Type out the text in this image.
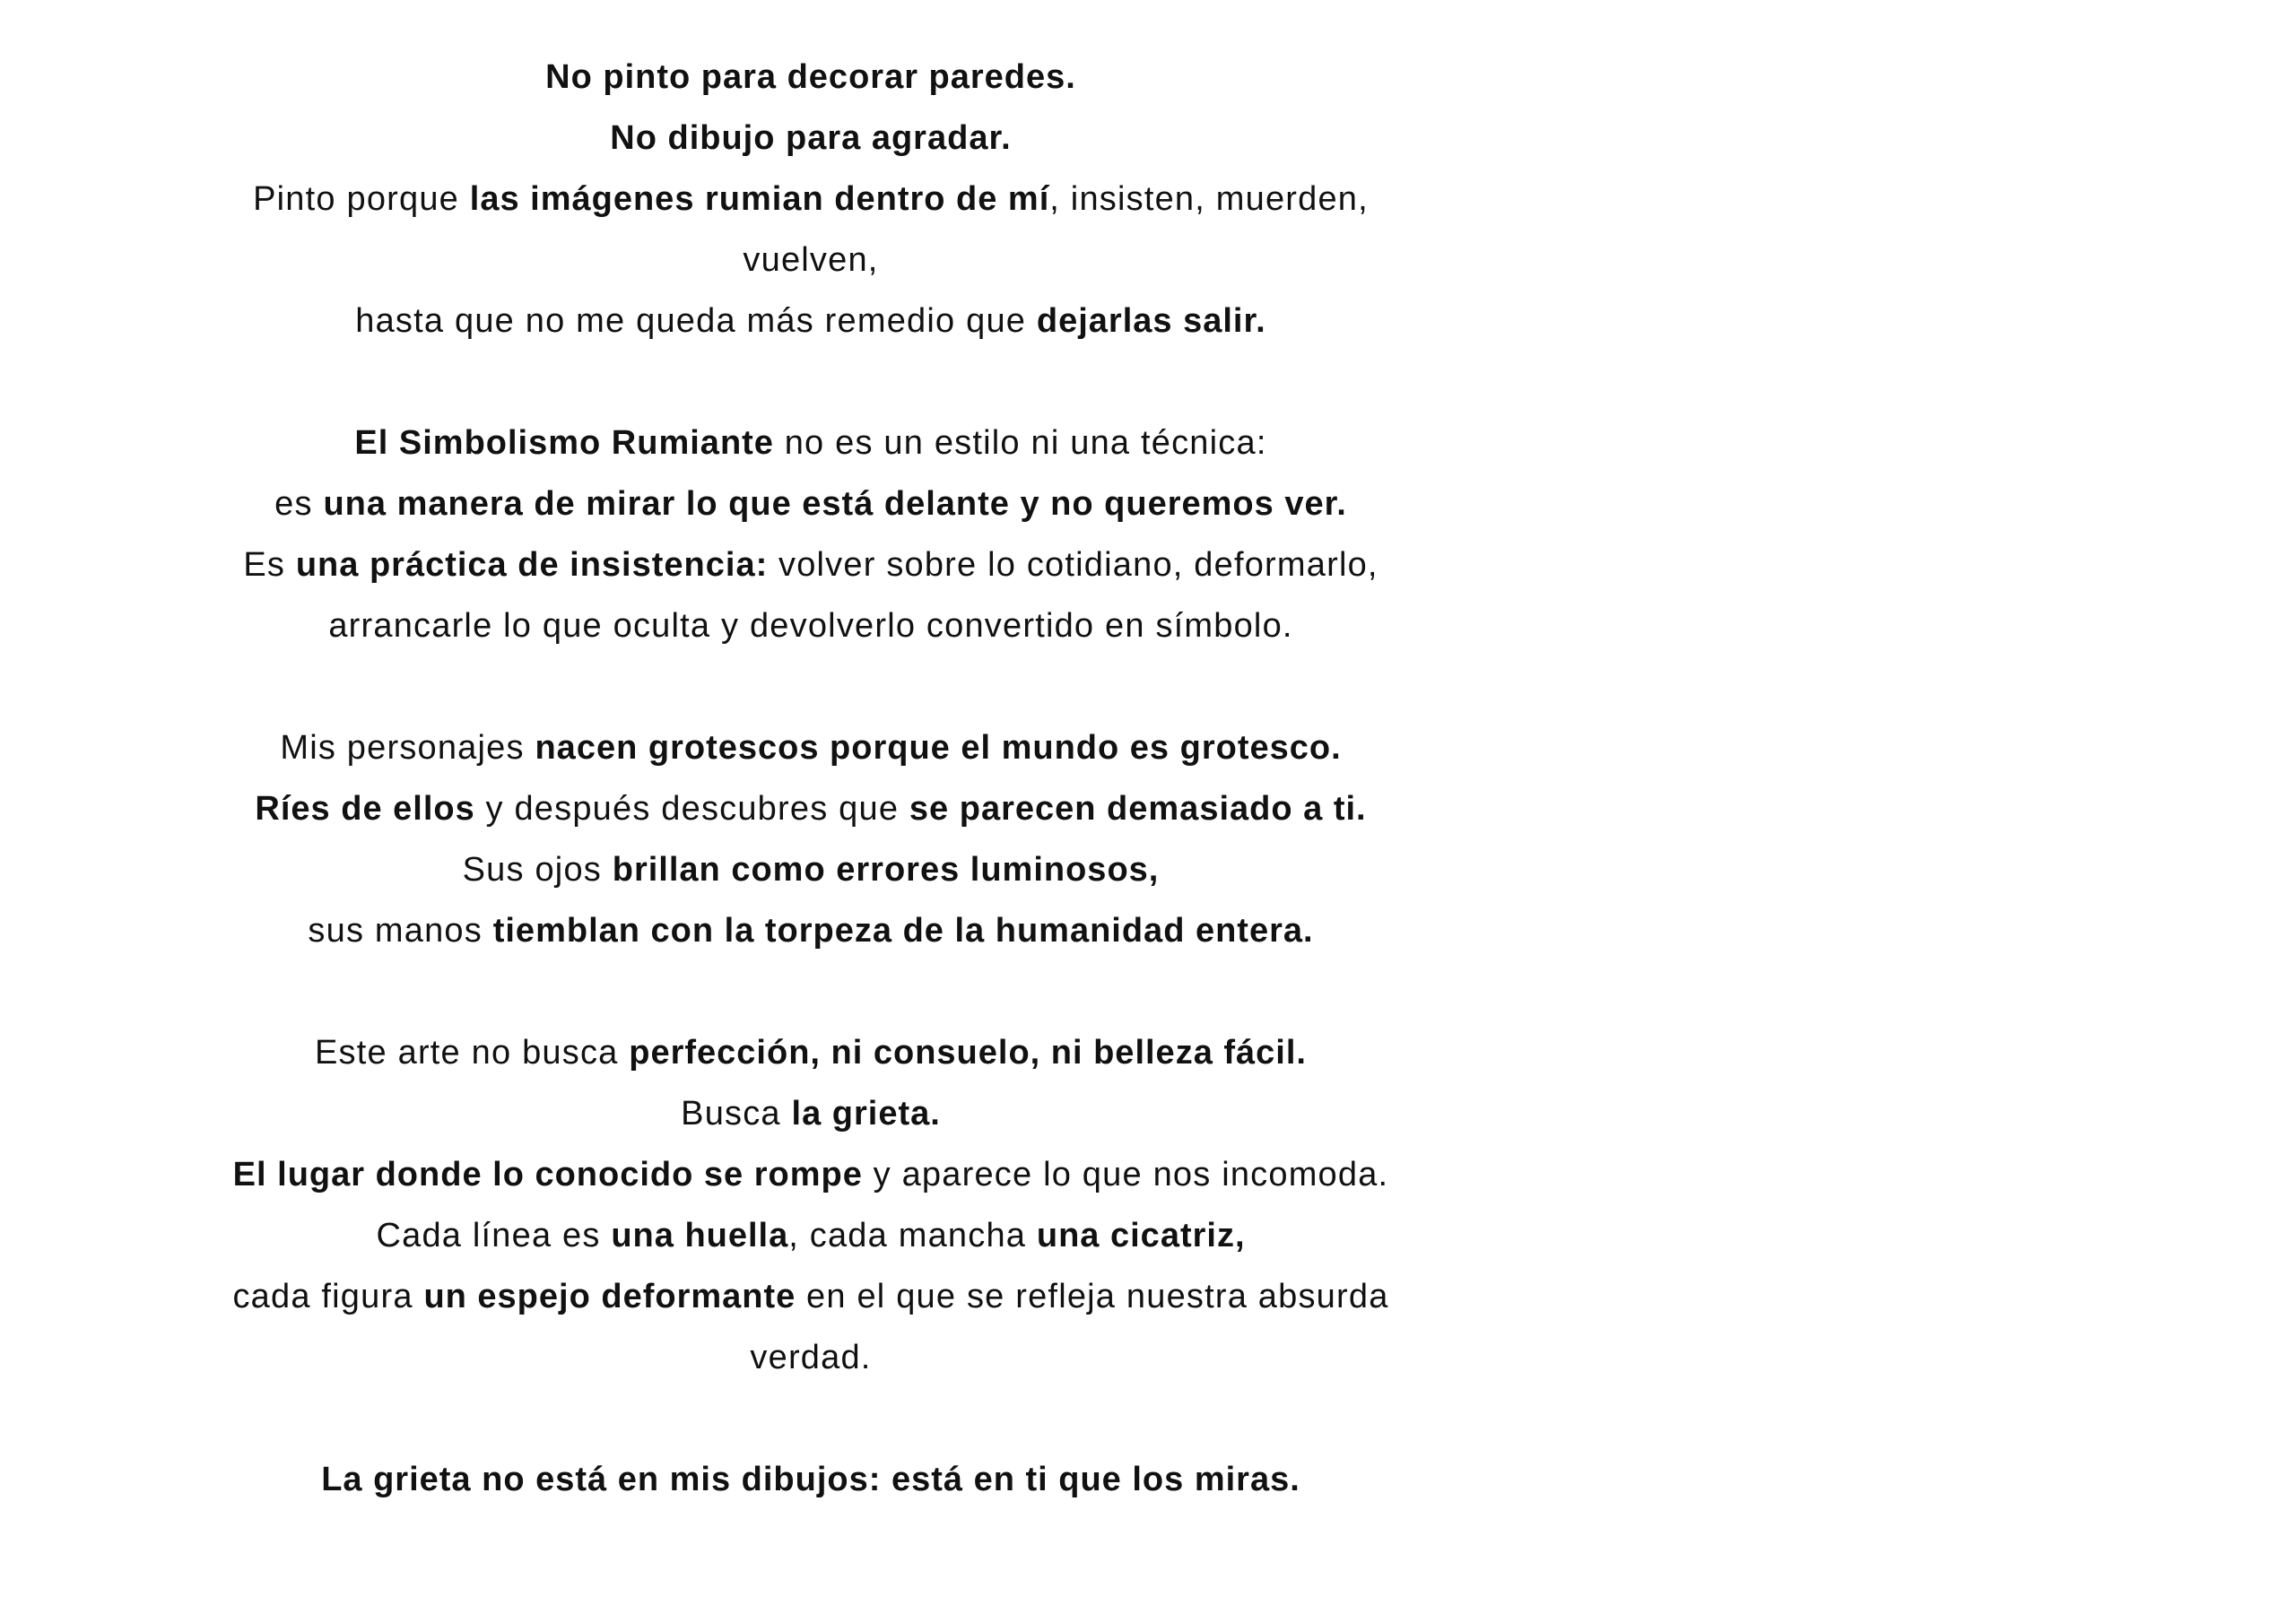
No pinto para decorar paredes.
No dibujo para agradar.
Pinto porque las imágenes rumian dentro de mí, insisten, muerden,
vuelven,
hasta que no me queda más remedio que dejarlas salir.
El Simbolismo Rumiante no es un estilo ni una técnica:
es una manera de mirar lo que está delante y no queremos ver.
Es una práctica de insistencia: volver sobre lo cotidiano, deformarlo,
arrancarle lo que oculta y devolverlo convertido en símbolo.
Mis personajes nacen grotescos porque el mundo es grotesco.
Ríes de ellos y después descubres que se parecen demasiado a ti.
Sus ojos brillan como errores luminosos,
sus manos tiemblan con la torpeza de la humanidad entera.
Este arte no busca perfección, ni consuelo, ni belleza fácil.
Busca la grieta.
El lugar donde lo conocido se rompe y aparece lo que nos incomoda.
Cada línea es una huella, cada mancha una cicatriz,
cada figura un espejo deformante en el que se refleja nuestra absurda
verdad.
La grieta no está en mis dibujos: está en ti que los miras.
